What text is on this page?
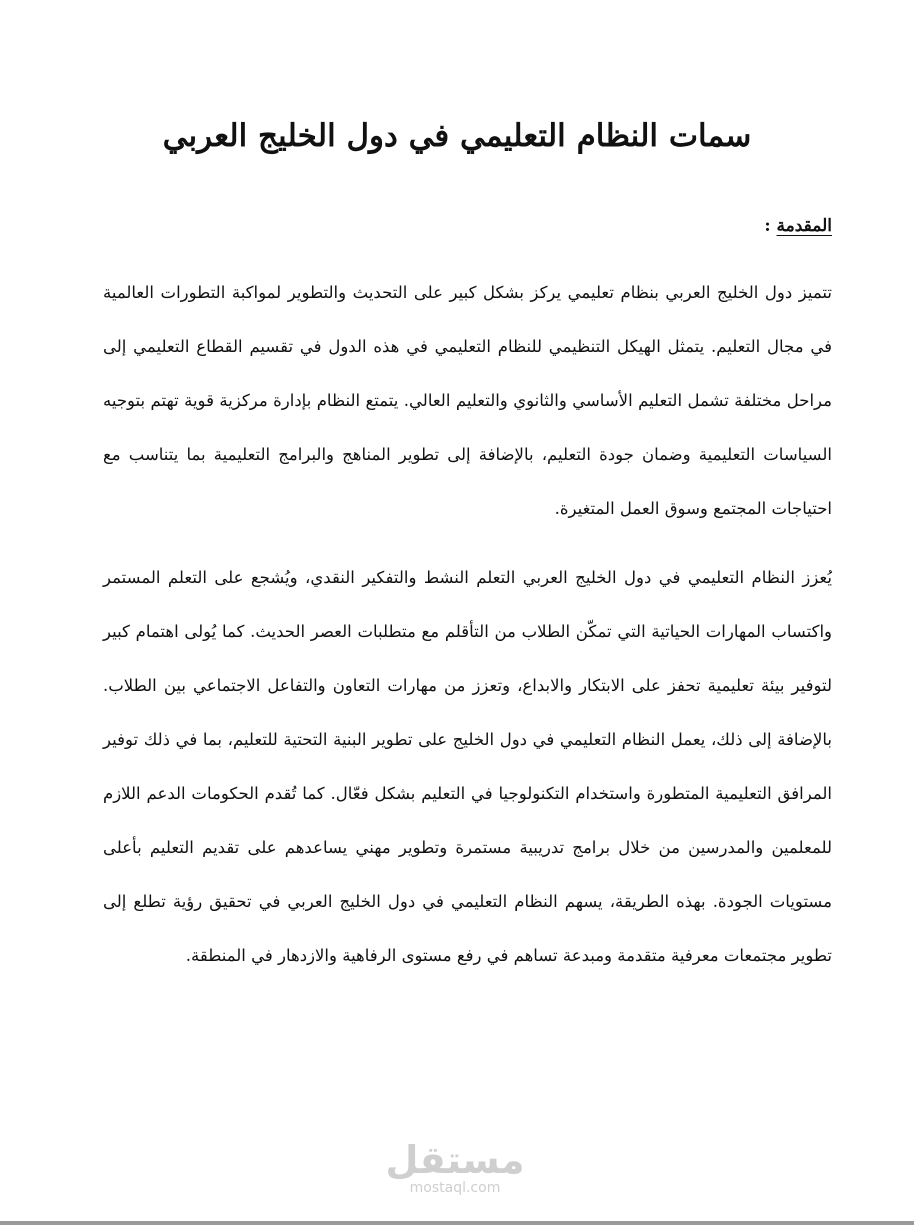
سمات النظام التعليمي في دول الخليج العربي
المقدمة :

تتميز دول الخليج العربي بنظام تعليمي يركز بشكل كبير على التحديث والتطوير لمواكبة التطورات العالمية في مجال التعليم. يتمثل الهيكل التنظيمي للنظام التعليمي في هذه الدول في تقسيم القطاع التعليمي إلى مراحل مختلفة تشمل التعليم الأساسي والثانوي والتعليم العالي. يتمتع النظام بإدارة مركزية قوية تهتم بتوجيه السياسات التعليمية وضمان جودة التعليم، بالإضافة إلى تطوير المناهج والبرامج التعليمية بما يتناسب مع احتياجات المجتمع وسوق العمل المتغيرة.

يُعزز النظام التعليمي في دول الخليج العربي التعلم النشط والتفكير النقدي، ويُشجع على التعلم المستمر واكتساب المهارات الحياتية التي تمكّن الطلاب من التأقلم مع متطلبات العصر الحديث. كما يُولى اهتمام كبير لتوفير بيئة تعليمية تحفز على الابتكار والابداع، وتعزز من مهارات التعاون والتفاعل الاجتماعي بين الطلاب. بالإضافة إلى ذلك، يعمل النظام التعليمي في دول الخليج على تطوير البنية التحتية للتعليم، بما في ذلك توفير المرافق التعليمية المتطورة واستخدام التكنولوجيا في التعليم بشكل فعّال. كما تُقدم الحكومات الدعم اللازم للمعلمين والمدرسين من خلال برامج تدريبية مستمرة وتطوير مهني يساعدهم على تقديم التعليم بأعلى مستويات الجودة. بهذه الطريقة، يسهم النظام التعليمي في دول الخليج العربي في تحقيق رؤية تطلع إلى تطوير مجتمعات معرفية متقدمة ومبدعة تساهم في رفع مستوى الرفاهية والازدهار في المنطقة.

مستقل
mostaql.com
